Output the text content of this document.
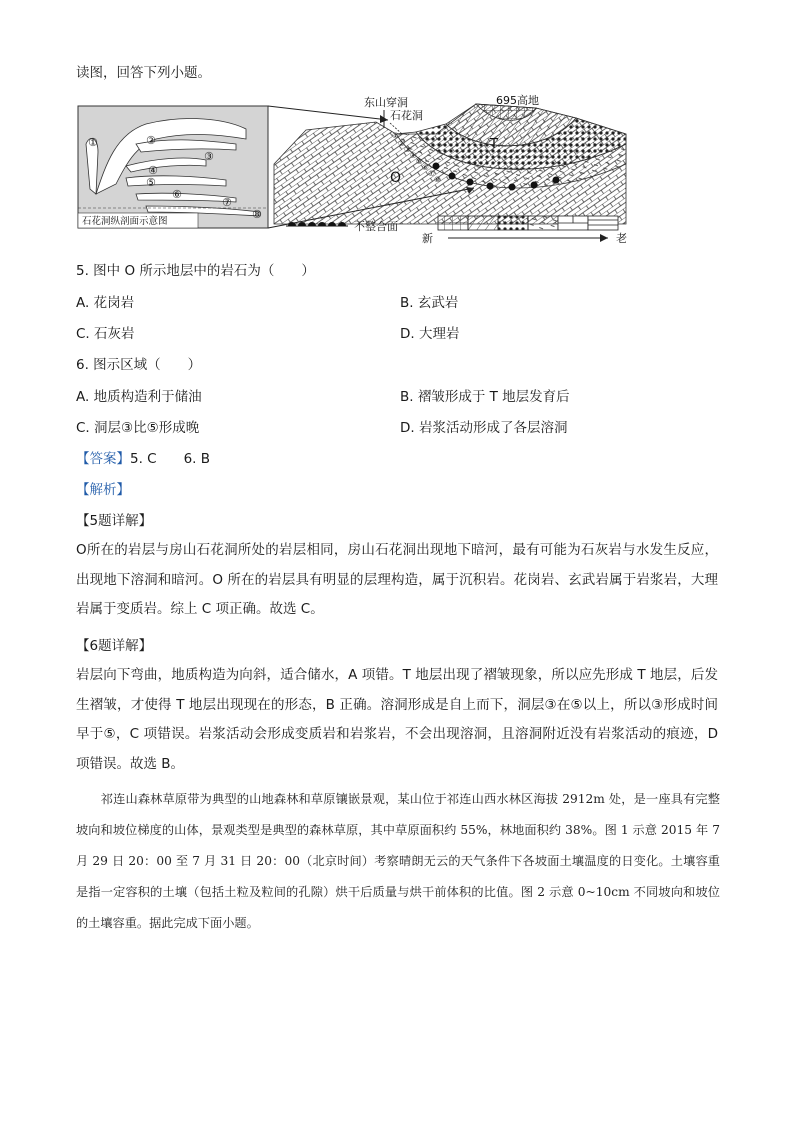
读图，回答下列小题。
①	②
③
④
⑤
⑥
⑦
⑧
石花洞纵剖面示意图
①
②
③
④
⑤
⑥
⑦
⑧
O
T
东山穿洞
石花洞
695高地
不整合面
新	老
5. 图中 O 所示地层中的岩石为（　　）
A. 花岗岩	B. 玄武岩
C. 石灰岩	D. 大理岩
6. 图示区域（　　）
A. 地质构造利于储油	B. 褶皱形成于 T 地层发育后
C. 洞层③比⑤形成晚	D. 岩浆活动形成了各层溶洞
【答案】5. C　　6. B
【解析】
【5题详解】
O所在的岩层与房山石花洞所处的岩层相同，房山石花洞出现地下暗河，最有可能为石灰岩与水发生反应，出现地下溶洞和暗河。O 所在的岩层具有明显的层理构造，属于沉积岩。花岗岩、玄武岩属于岩浆岩，大理岩属于变质岩。综上 C 项正确。故选 C。
【6题详解】
岩层向下弯曲，地质构造为向斜，适合储水，A 项错。T 地层出现了褶皱现象，所以应先形成 T 地层，后发生褶皱，才使得 T 地层出现现在的形态，B 正确。溶洞形成是自上而下，洞层③在⑤以上，所以③形成时间早于⑤，C 项错误。岩浆活动会形成变质岩和岩浆岩，不会出现溶洞，且溶洞附近没有岩浆活动的痕迹，D 项错误。故选 B。
　　祁连山森林草原带为典型的山地森林和草原镶嵌景观，某山位于祁连山西水林区海拔 2912m 处，是一座具有完整坡向和坡位梯度的山体，景观类型是典型的森林草原，其中草原面积约 55%，林地面积约 38%。图 1 示意 2015 年 7 月 29 日 20：00 至 7 月 31 日 20：00（北京时间）考察晴朗无云的天气条件下各坡面土壤温度的日变化。土壤容重是指一定容积的土壤（包括土粒及粒间的孔隙）烘干后质量与烘干前体积的比值。图 2 示意 0~10cm 不同坡向和坡位的土壤容重。据此完成下面小题。
